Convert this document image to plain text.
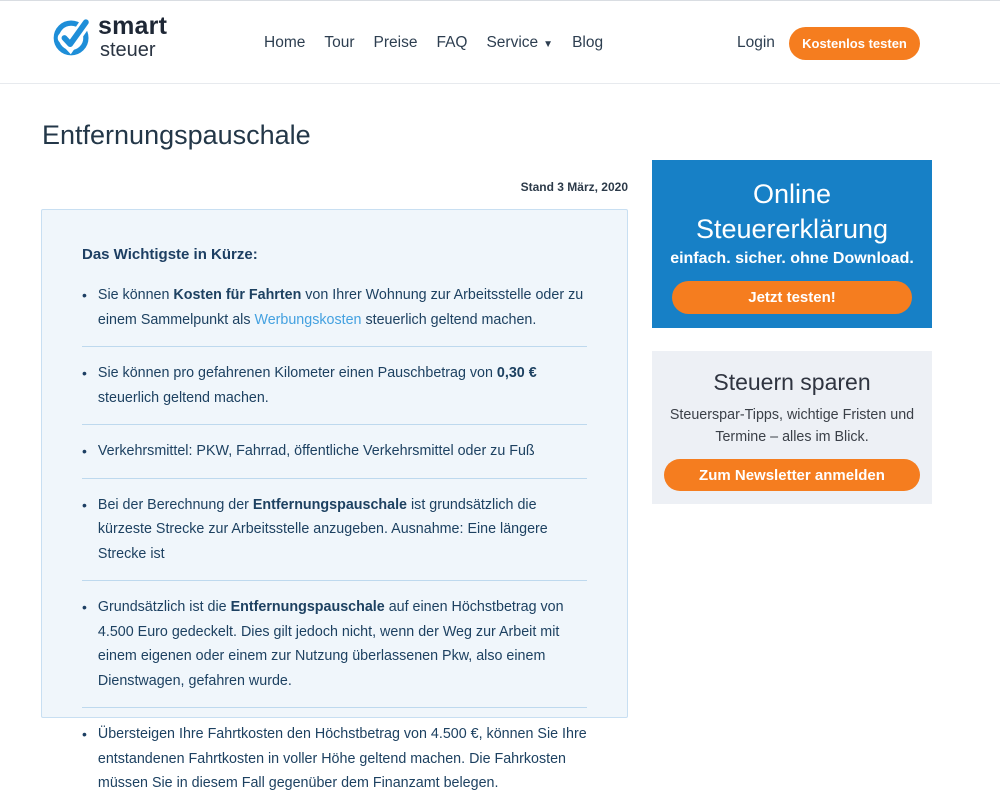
smart
steuer	Home Tour Preise FAQ Service ▼ Blog	Login	Kostenlos testen
Entfernungspauschale
Stand 3 März, 2020
Das Wichtigste in Kürze:
• Sie können Kosten für Fahrten von Ihrer Wohnung zur Arbeitsstelle oder zu einem Sammelpunkt als Werbungskosten steuerlich geltend machen.
• Sie können pro gefahrenen Kilometer einen Pauschbetrag von 0,30 € steuerlich geltend machen.
• Verkehrsmittel: PKW, Fahrrad, öffentliche Verkehrsmittel oder zu Fuß
• Bei der Berechnung der Entfernungspauschale ist grundsätzlich die kürzeste Strecke zur Arbeitsstelle anzugeben. Ausnahme: Eine längere Strecke ist
• Grundsätzlich ist die Entfernungspauschale auf einen Höchstbetrag von 4.500 Euro gedeckelt. Dies gilt jedoch nicht, wenn der Weg zur Arbeit mit einem eigenen oder einem zur Nutzung überlassenen Pkw, also einem Dienstwagen, gefahren wurde.
• Übersteigen Ihre Fahrtkosten den Höchstbetrag von 4.500 €, können Sie Ihre entstandenen Fahrtkosten in voller Höhe geltend machen. Die Fahrkosten müssen Sie in diesem Fall gegenüber dem Finanzamt belegen.
Online
Steuererklärung
einfach. sicher. ohne Download.
Jetzt testen!
Steuern sparen
Steuerspar-Tipps, wichtige Fristen und
Termine – alles im Blick.
Zum Newsletter anmelden
